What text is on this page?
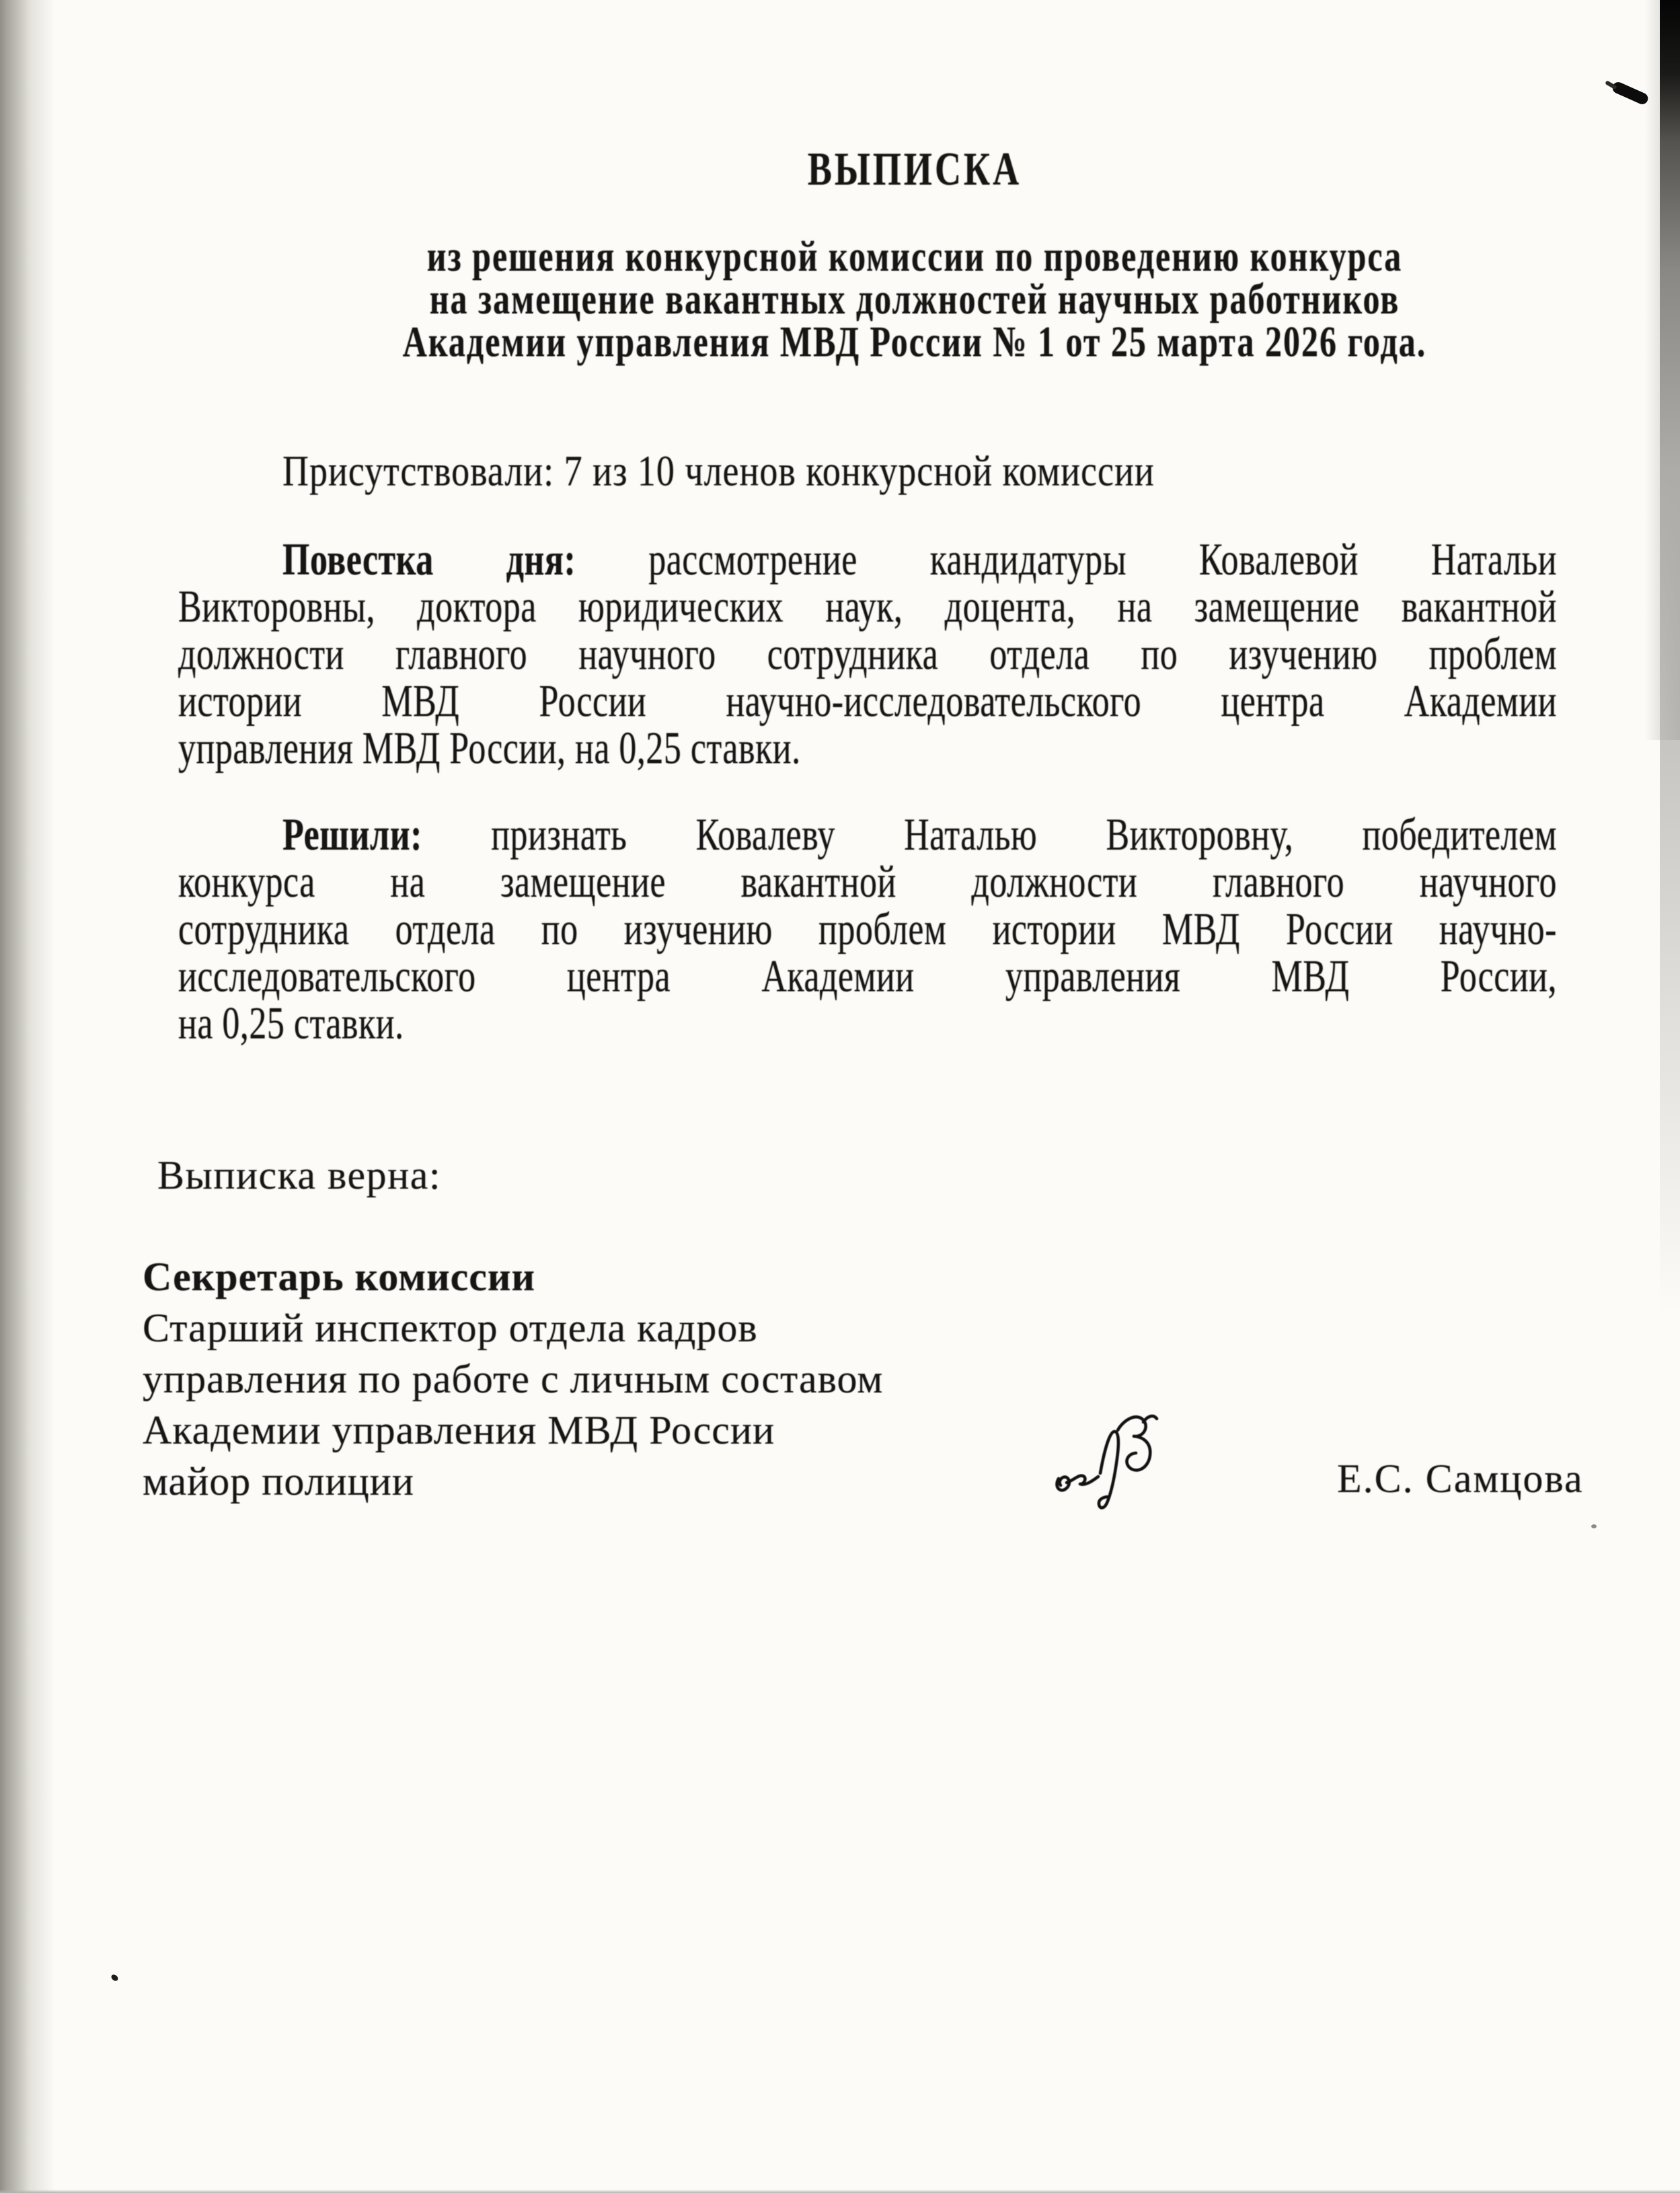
ВЫПИСКА
из решения конкурсной комиссии по проведению конкурса
на замещение вакантных должностей научных работников
Академии управления МВД России № 1 от 25 марта 2026 года.
Присутствовали: 7 из 10 членов конкурсной комиссии
Повестка дня: рассмотрение кандидатуры Ковалевой Натальи
Викторовны, доктора юридических наук, доцента, на замещение вакантной
должности главного научного сотрудника отдела по изучению проблем
истории МВД России научно-исследовательского центра Академии
управления МВД России, на 0,25 ставки.
Решили: признать Ковалеву Наталью Викторовну, победителем
конкурса на замещение вакантной должности главного научного
сотрудника отдела по изучению проблем истории МВД России научно-
исследовательского центра Академии управления МВД России,
на 0,25 ставки.
Выписка верна:
Секретарь комиссии
Старший инспектор отдела кадров
управления по работе с личным составом
Академии управления МВД России
майор полиции	Е.С. Самцова
